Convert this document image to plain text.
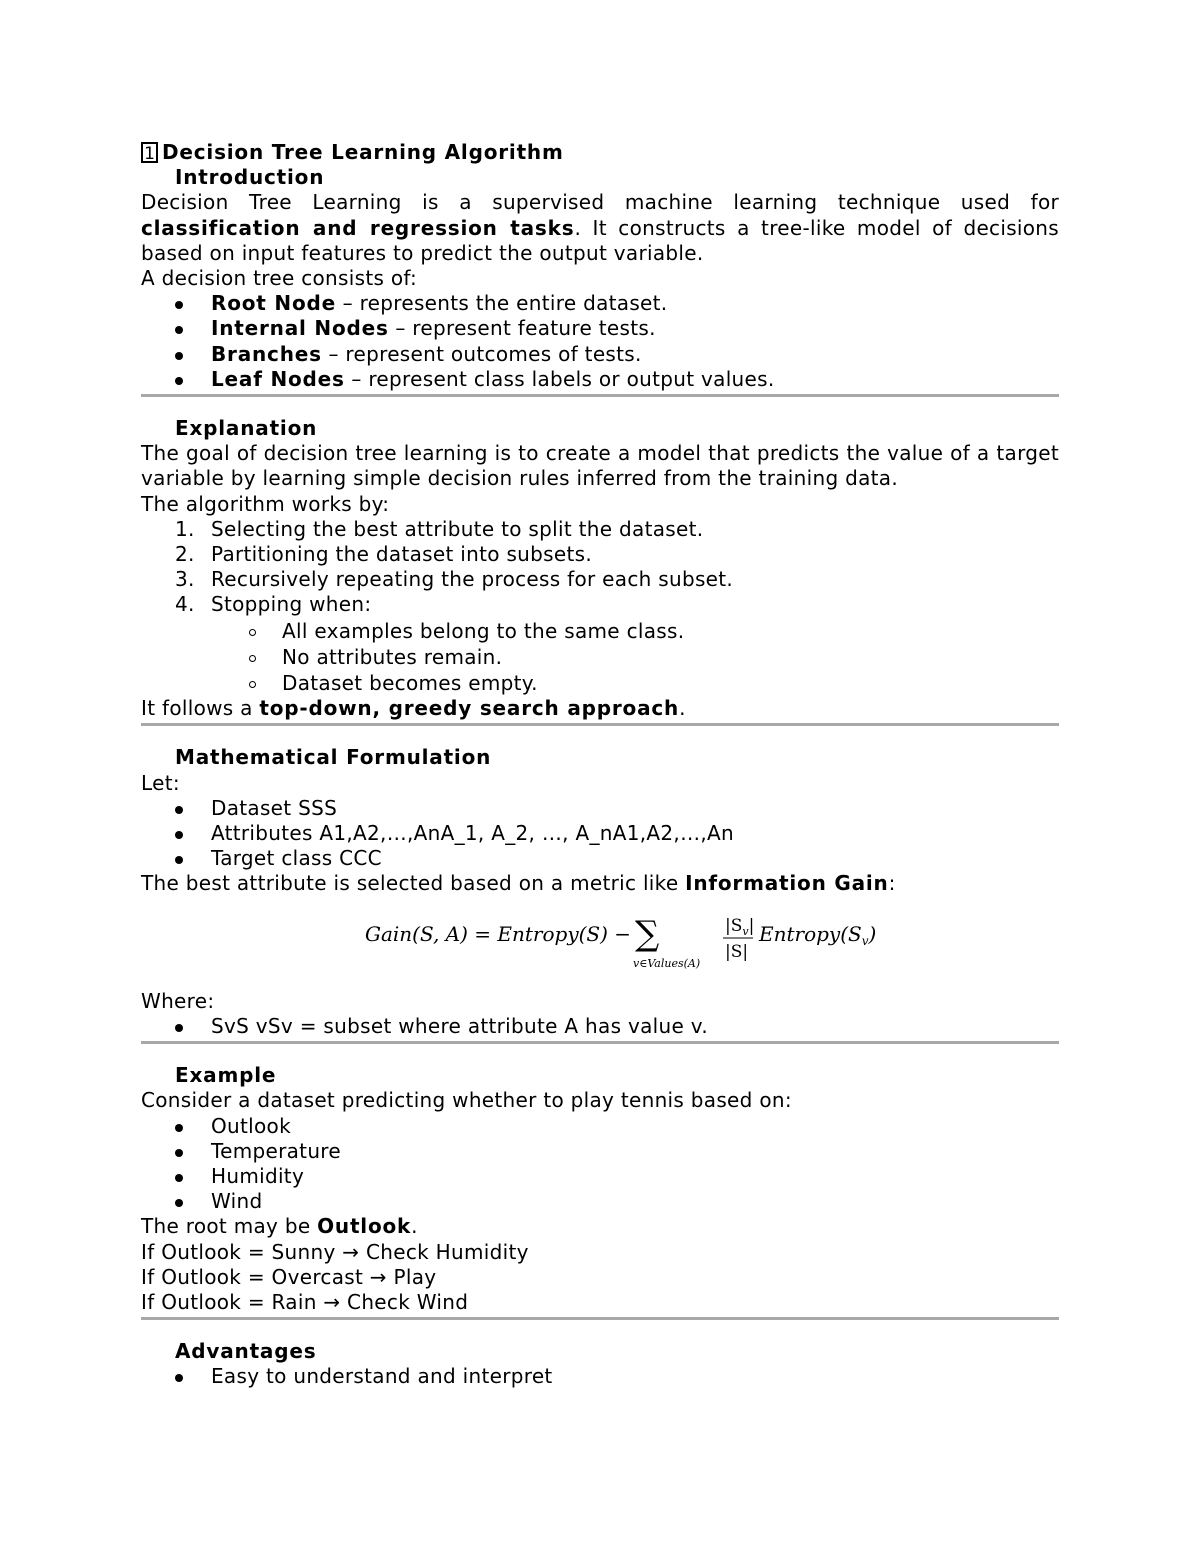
1 Decision Tree Learning Algorithm
Introduction
Decision Tree Learning is a supervised machine learning technique used for classification and regression tasks. It constructs a tree-like model of decisions based on input features to predict the output variable.
A decision tree consists of:
Root Node – represents the entire dataset.
Internal Nodes – represent feature tests.
Branches – represent outcomes of tests.
Leaf Nodes – represent class labels or output values.
Explanation
The goal of decision tree learning is to create a model that predicts the value of a target variable by learning simple decision rules inferred from the training data.
The algorithm works by:
1. Selecting the best attribute to split the dataset.
2. Partitioning the dataset into subsets.
3. Recursively repeating the process for each subset.
4. Stopping when:
All examples belong to the same class.
No attributes remain.
Dataset becomes empty.
It follows a top-down, greedy search approach.
Mathematical Formulation
Let:
Dataset SSS
Attributes A1,A2,…,AnA_1, A_2, …, A_nA1,A2,…,An
Target class CCC
The best attribute is selected based on a metric like Information Gain:
Gain(S, A) = Entropy(S) − ∑
v∈Values(A)
$|S_v|$
|S|
$Entropy(S_v)$
Where:
SvS vSv = subset where attribute A has value v.
Example
Consider a dataset predicting whether to play tennis based on:
Outlook
Temperature
Humidity
Wind
The root may be Outlook.
If Outlook = Sunny → Check Humidity
If Outlook = Overcast → Play
If Outlook = Rain → Check Wind
Advantages
Easy to understand and interpret
